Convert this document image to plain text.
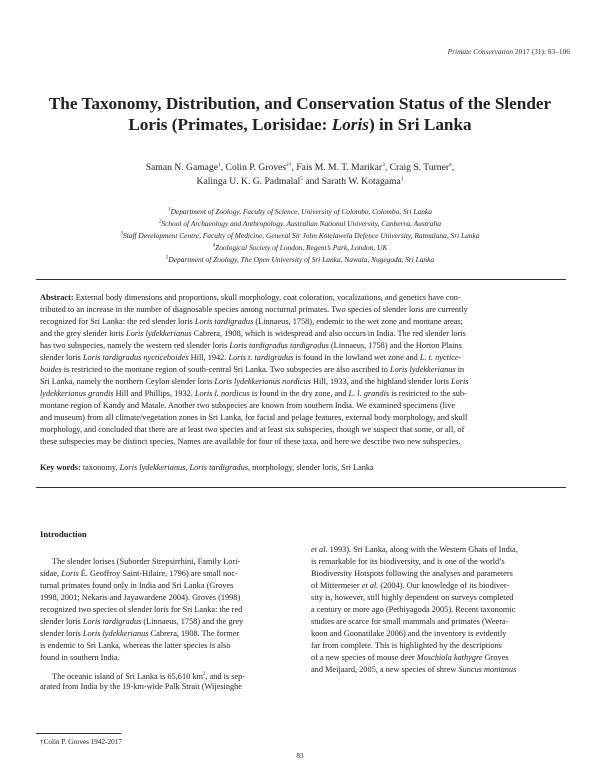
Primate Conservation 2017 (31): 83–106
The Taxonomy, Distribution, and Conservation Status of the Slender
Loris (Primates, Lorisidae: Loris) in Sri Lanka
Saman N. Gamage$^1$, Colin P. Groves$^{2\dagger}$, Fais M. M. T. Marikar$^3$, Craig S. Turner$^4$,
Kalinga U. K. G. Padmalal$^5$ and Sarath W. Kotagama$^1$
$^1$Department of Zoology, Faculty of Science, University of Colombo, Colombo, Sri Lanka
$^2$School of Archaeology and Anthropology, Australian National University, Canberra, Australia
$^3$Staff Development Centre, Faculty of Medicine, General Sir John Kotelawela Defence University, Ratmalana, Sri Lanka
$^4$Zoological Society of London, Regent’s Park, London, UK
$^5$Department of Zoology, The Open University of Sri Lanka, Nawala, Nugegoda, Sri Lanka
Abstract: External body dimensions and proportions, skull morphology, coat coloration, vocalizations, and genetics have con-
tributed to an increase in the number of diagnosable species among nocturnal primates. Two species of slender loris are currently
recognized for Sri Lanka: the red slender loris Loris tardigradus (Linnaeus, 1758), endemic to the wet zone and montane areas;
and the grey slender loris Loris lydekkerianus Cabrera, 1908, which is widespread and also occurs in India. The red slender loris
has two subspecies, namely the western red slender loris Loris tardigradus tardigradus (Linnaeus, 1758) and the Horton Plains
slender loris Loris tardigradus nycticeboides Hill, 1942. Loris t. tardigradus is found in the lowland wet zone and L. t. nyctice-
boides is restricted to the montane region of south-central Sri Lanka. Two subspecies are also ascribed to Loris lydekkerianus in
Sri Lanka, namely the northern Ceylon slender loris Loris lydekkerianus nordicus Hill, 1933, and the highland slender loris Loris
lydekkerianus grandis Hill and Phillips, 1932. Loris l. nordicus is found in the dry zone, and L. l. grandis is restricted to the sub-
montane region of Kandy and Matale. Another two subspecies are known from southern India. We examined specimens (live
and museum) from all climate/vegetation zones in Sri Lanka, for facial and pelage features, external body morphology, and skull
morphology, and concluded that there are at least two species and at least six subspecies, though we suspect that some, or all, of
these subspecies may be distinct species. Names are available for four of these taxa, and here we describe two new subspecies.
Key words: taxonomy, Loris lydekkerianus, Loris tardigradus, morphology, slender loris, Sri Lanka
Introduction
The slender lorises (Suborder Strepsirrhini, Family Lori-
sidae, Loris É. Geoffroy Saint-Hilaire, 1796) are small noc-
turnal primates found only in India and Sri Lanka (Groves
1998, 2001; Nekaris and Jayawardene 2004). Groves (1998)
recognized two species of slender loris for Sri Lanka: the red
slender loris Loris tardigradus (Linnaeus, 1758) and the grey
slender loris Loris lydekkerianus Cabrera, 1908. The former
is endemic to Sri Lanka, whereas the latter species is also
found in southern India.
The oceanic island of Sri Lanka is 65,610 $km^2$, and is sep-
arated from India by the 19-km-wide Palk Strait (Wijesinghe
et al. 1993). Sri Lanka, along with the Western Ghats of India,
is remarkable for its biodiversity, and is one of the world’s
Biodiversity Hotspots following the analyses and parameters
of Mittermeier et al. (2004). Our knowledge of its biodiver-
sity is, however, still highly dependent on surveys completed
a century or more ago (Pethiyagoda 2005). Recent taxonomic
studies are scarce for small mammals and primates (Weera-
koon and Goonatilake 2006) and the inventory is evidently
far from complete. This is highlighted by the descriptions
of a new species of mouse deer Moschiola kathygre Groves
and Meijaard, 2005, a new species of shrew Suncus montanus
†Colin P. Groves 1942-2017
83
